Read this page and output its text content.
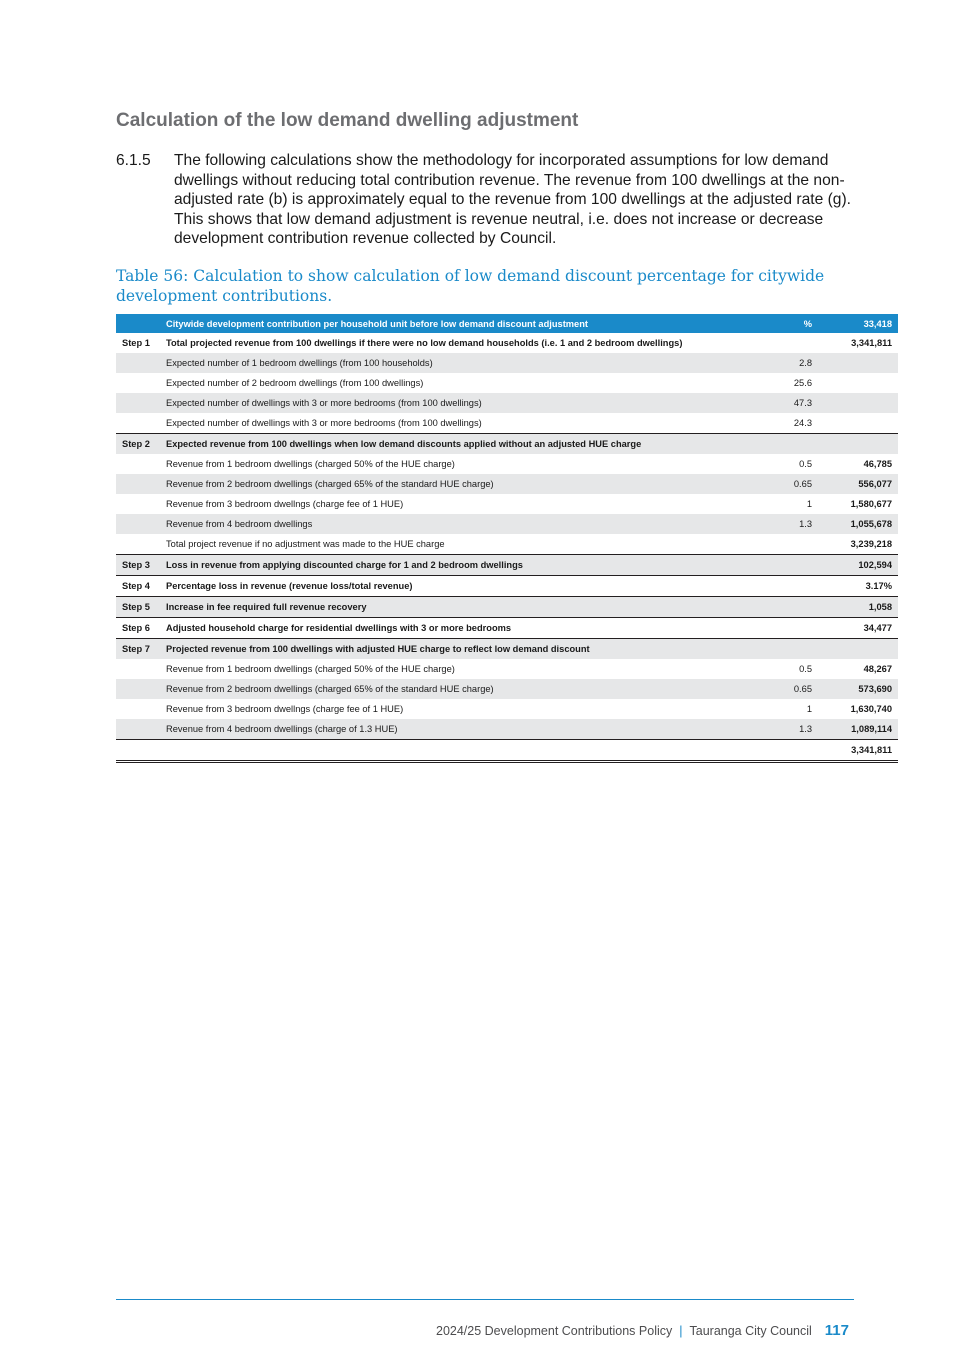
Calculation of the low demand dwelling adjustment
6.1.5	The following calculations show the methodology for incorporated assumptions for low demand dwellings without reducing total contribution revenue. The revenue from 100 dwellings at the non-adjusted rate (b) is approximately equal to the revenue from 100 dwellings at the adjusted rate (g). This shows that low demand adjustment is revenue neutral, i.e. does not increase or decrease development contribution revenue collected by Council.

Table 56: Calculation to show calculation of low demand discount percentage for citywide development contributions.

	Citywide development contribution per household unit before low demand discount adjustment	%	33,418
Step 1	Total projected revenue from 100 dwellings if there were no low demand households (i.e. 1 and 2 bedroom dwellings)		3,341,811
	Expected number of 1 bedroom dwellings (from 100 households)	2.8	
	Expected number of 2 bedroom dwellings (from 100 dwellings)	25.6	
	Expected number of dwellings with 3 or more bedrooms (from 100 dwellings)	47.3	
	Expected number of dwellings with 3 or more bedrooms (from 100 dwellings)	24.3	
Step 2	Expected revenue from 100 dwellings when low demand discounts applied without an adjusted HUE charge		
	Revenue from 1 bedroom dwellings (charged 50% of the HUE charge)	0.5	46,785
	Revenue from 2 bedroom dwellings (charged 65% of the standard HUE charge)	0.65	556,077
	Revenue from 3 bedroom dwellngs (charge fee of 1 HUE)	1	1,580,677
	Revenue from 4 bedroom dwellings	1.3	1,055,678
	Total project revenue if no adjustment was made to the HUE charge		3,239,218
Step 3	Loss in revenue from applying discounted charge for 1 and 2 bedroom dwellings		102,594
Step 4	Percentage loss in revenue (revenue loss/total revenue)		3.17%
Step 5	Increase in fee required full revenue recovery		1,058
Step 6	Adjusted household charge for residential dwellings with 3 or more bedrooms		34,477
Step 7	Projected revenue from 100 dwellings with adjusted HUE charge to reflect low demand discount		
	Revenue from 1 bedroom dwellings (charged 50% of the HUE charge)	0.5	48,267
	Revenue from 2 bedroom dwellings (charged 65% of the standard HUE charge)	0.65	573,690
	Revenue from 3 bedroom dwellngs (charge fee of 1 HUE)	1	1,630,740
	Revenue from 4 bedroom dwellings (charge of 1.3 HUE)	1.3	1,089,114
			3,341,811
2024/25 Development Contributions Policy | Tauranga City Council 117
